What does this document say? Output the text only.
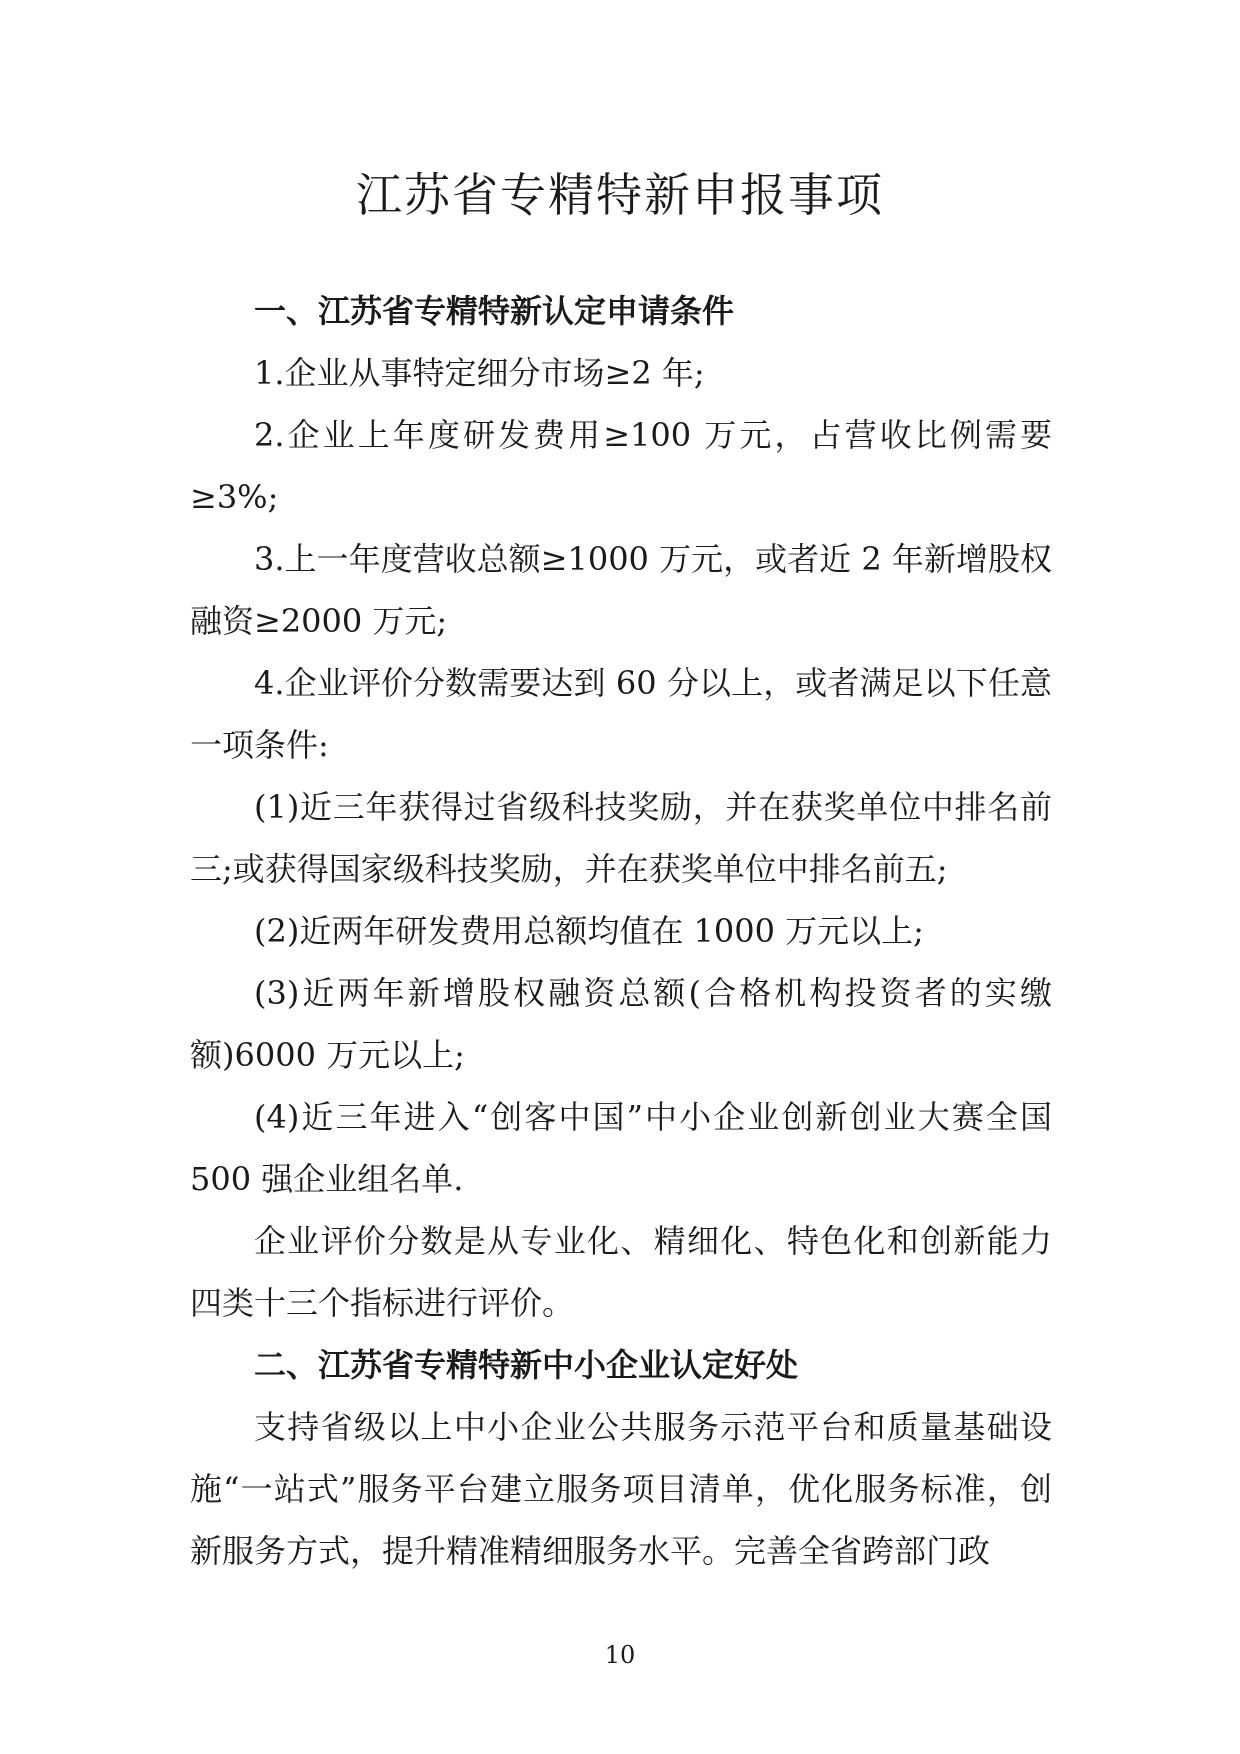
江苏省专精特新申报事项

一、江苏省专精特新认定申请条件

1.企业从事特定细分市场≥2 年;

2.企业上年度研发费用≥100 万元，占营收比例需要≥3%;

3.上一年度营收总额≥1000 万元，或者近 2 年新增股权融资≥2000 万元;

4.企业评价分数需要达到 60 分以上，或者满足以下任意一项条件:

(1)近三年获得过省级科技奖励，并在获奖单位中排名前三;或获得国家级科技奖励，并在获奖单位中排名前五;

(2)近两年研发费用总额均值在 1000 万元以上;

(3)近两年新增股权融资总额(合格机构投资者的实缴额)6000 万元以上;

(4)近三年进入“创客中国”中小企业创新创业大赛全国 500 强企业组名单.

企业评价分数是从专业化、精细化、特色化和创新能力四类十三个指标进行评价。

二、江苏省专精特新中小企业认定好处

支持省级以上中小企业公共服务示范平台和质量基础设施“一站式”服务平台建立服务项目清单，优化服务标准，创新服务方式，提升精准精细服务水平。完善全省跨部门政

10
